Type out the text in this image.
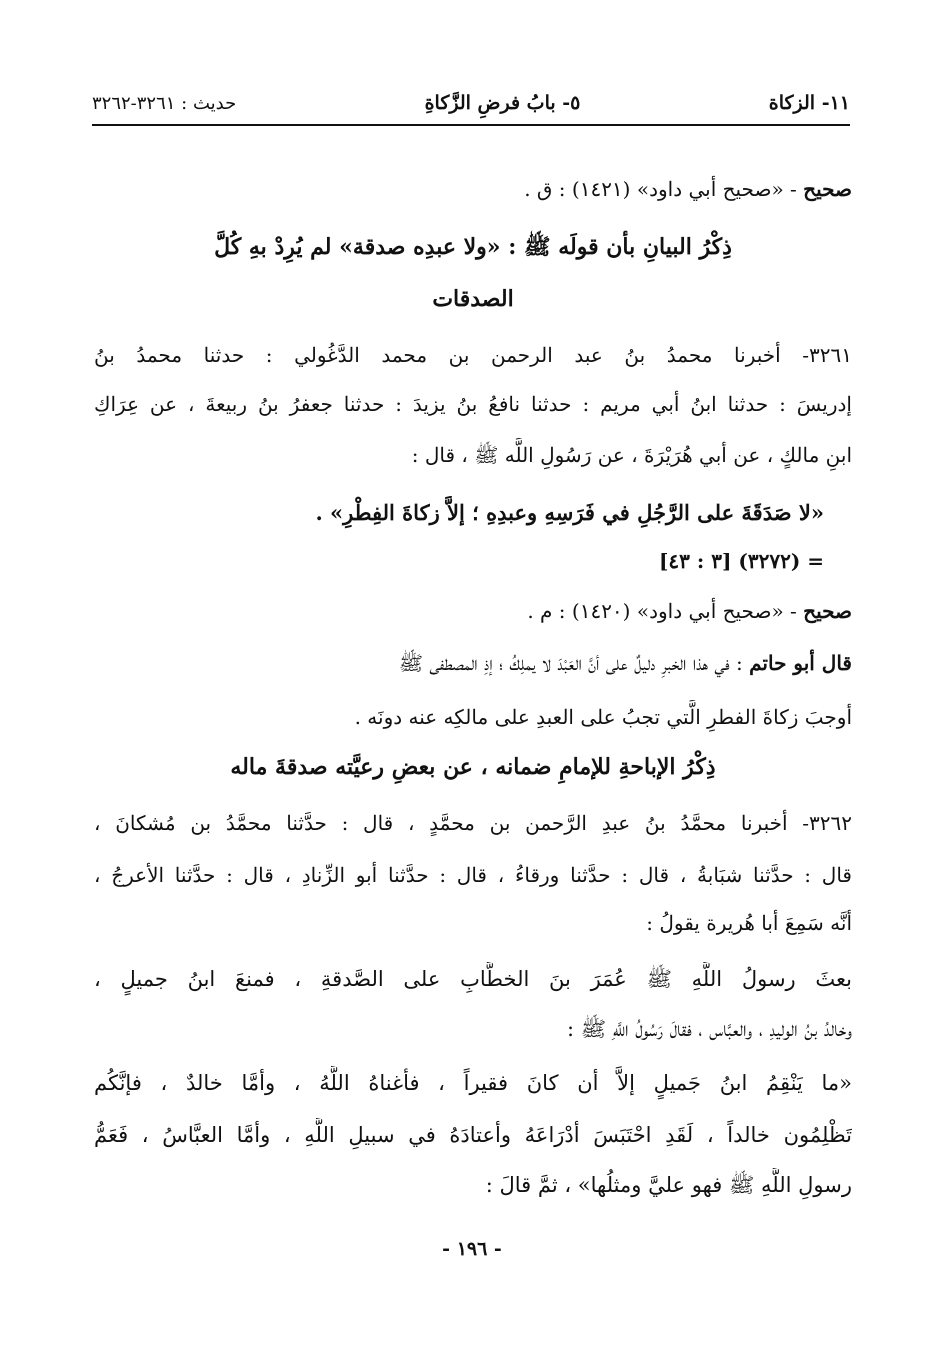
١١- الزكاة
٥- بابُ فرضِ الزَّكاةِ
حديث : ٣٢٦١-٣٢٦٢
صحيح - «صحيح أبي داود» (١٤٢١) : ق .
ذِكْرُ البيانِ بأن قولَه ﷺ : «ولا عبدِه صدقة» لم يُرِدْ بهِ كُلَّ
الصدقات
٣٢٦١- أخبرنا محمدُ بنُ عبد الرحمن بن محمد الدَّغُولي : حدثنا محمدُ بنُ
إدريسَ : حدثنا ابنُ أبي مريم : حدثنا نافعُ بنُ يزيدَ : حدثنا جعفرُ بنُ ربيعةَ ، عن عِرَاكِ
ابنِ مالكٍ ، عن أبي هُرَيْرَةَ ، عن رَسُولِ اللَّه ﷺ ، قال :
«لا صَدَقَةَ على الرَّجُلِ في فَرَسِهِ وعبدِهِ ؛ إلاَّ زكاةَ الفِطْرِ» .
= (٣٢٧٢) [٣ : ٤٣]
صحيح - «صحيح أبي داود» (١٤٢٠) : م .
قال أبو حاتم : في هذا الخبرِ دليلٌ على أنَّ العَبْدَ لا يملِكُ ؛ إذِ المصطفى ﷺ
أوجبَ زكاةَ الفطرِ الَّتي تجبُ على العبدِ على مالكِه عنه دونَه .
ذِكْرُ الإباحةِ للإمامِ ضمانه ، عن بعضِ رعيَّته صدقةَ ماله
٣٢٦٢- أخبرنا محمَّدُ بنُ عبدِ الرَّحمن بن محمَّدٍ ، قال : حدَّثنا محمَّدُ بن مُشكانَ ،
قال : حدَّثنا شبَابةُ ، قال : حدَّثنا ورقاءُ ، قال : حدَّثنا أبو الزِّنادِ ، قال : حدَّثنا الأعرجُ ،
أنَّه سَمِعَ أبا هُريرة يقولُ :
بعثَ رسولُ اللَّهِ ﷺ عُمَرَ بنَ الخطَّابِ على الصَّدقةِ ، فمنعَ ابنُ جميلٍ ،
وخالدُ بنُ الوليدِ ، والعبَّاس ، فقالَ رَسُولُ اللَّهِ ﷺ :
«ما يَنْقِمُ ابنُ جَميلٍ إلاَّ أن كانَ فقيراً ، فأغناهُ اللَّهُ ، وأمَّا خالدٌ ، فإنَّكُم
تَظْلِمُون خالداً ، لَقَدِ احْتَبَسَ أدْرَاعَهُ وأعتادَهُ في سبيلِ اللَّهِ ، وأمَّا العبَّاسُ ، فَعَمُّ
رسولِ اللَّهِ ﷺ فهو عليَّ ومثلُها» ، ثمَّ قالَ :
- ١٩٦ -
